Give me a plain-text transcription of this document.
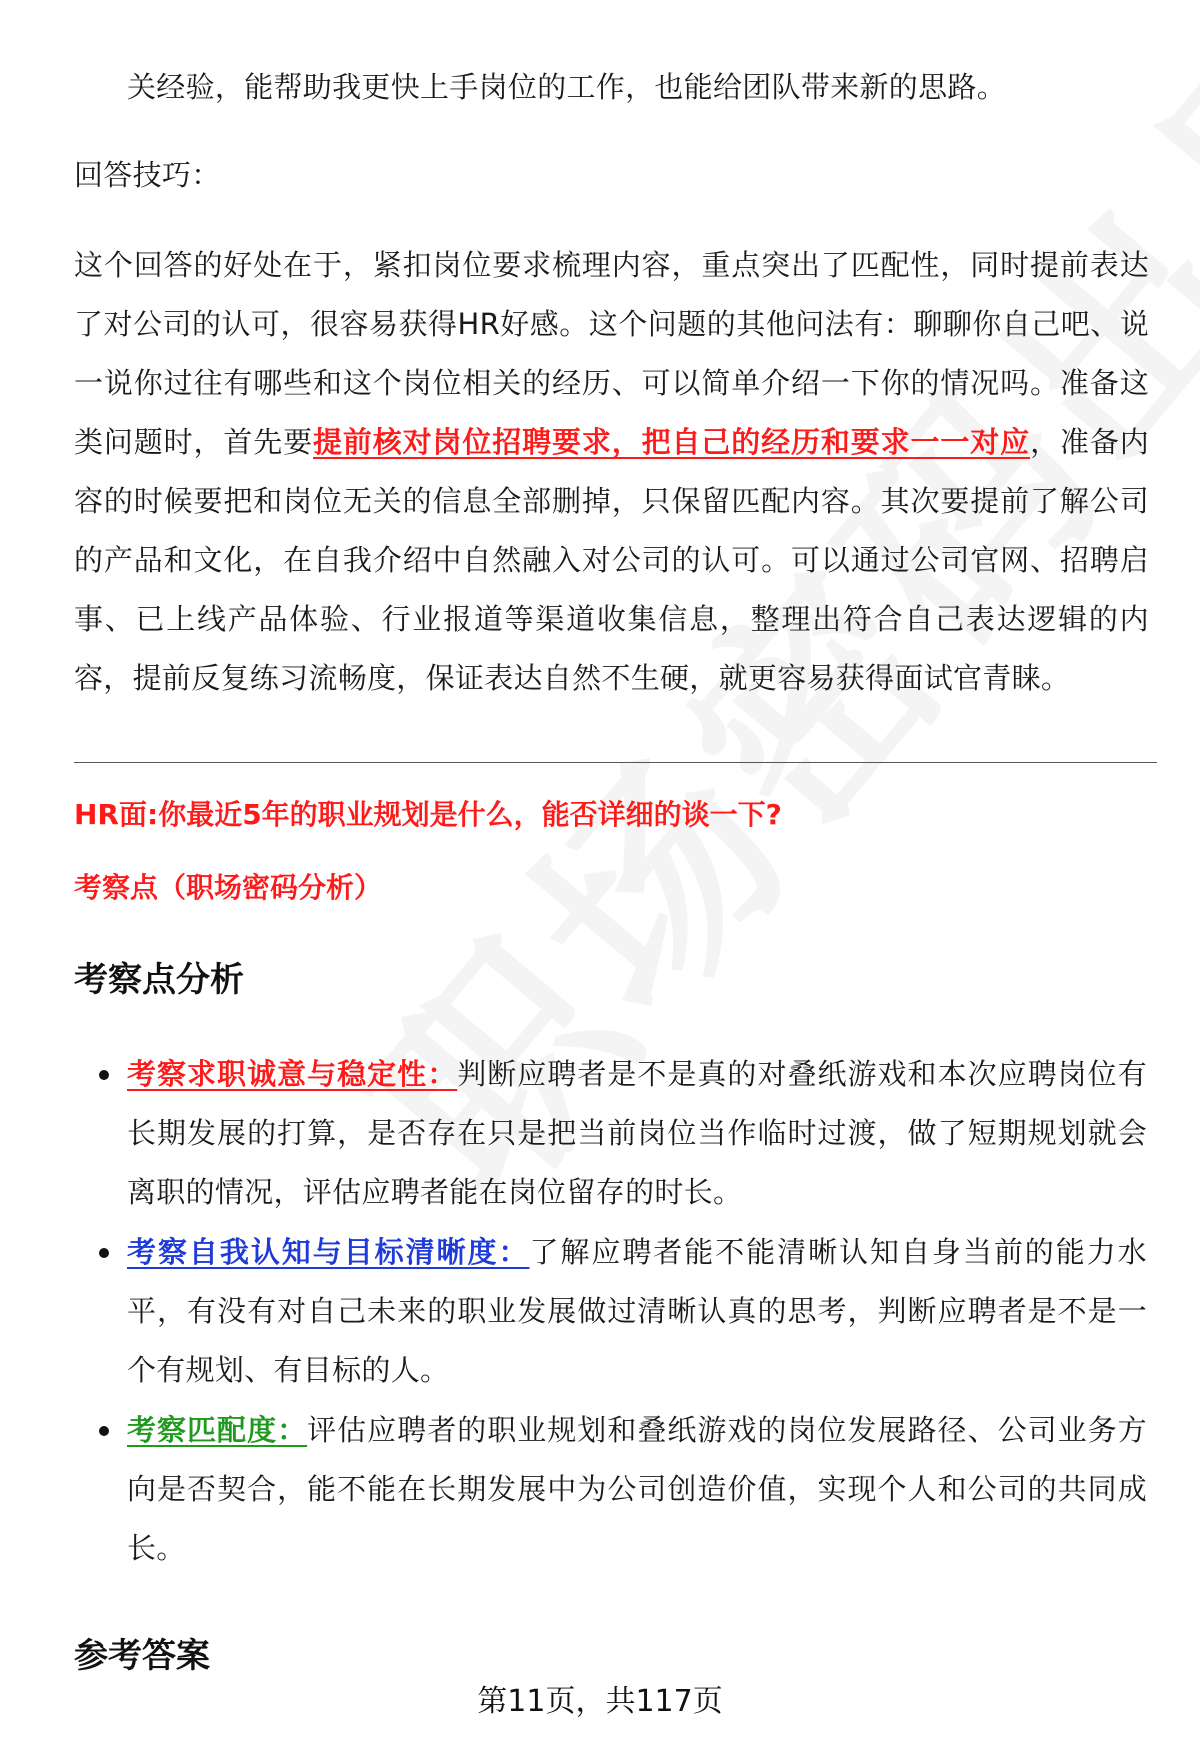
关经验，能帮助我更快上手岗位的工作，也能给团队带来新的思路。

回答技巧：

这个回答的好处在于，紧扣岗位要求梳理内容，重点突出了匹配性，同时提前表达了对公司的认可，很容易获得HR好感。这个问题的其他问法有：聊聊你自己吧、说一说你过往有哪些和这个岗位相关的经历、可以简单介绍一下你的情况吗。准备这类问题时，首先要提前核对岗位招聘要求，把自己的经历和要求一一对应，准备内容的时候要把和岗位无关的信息全部删掉，只保留匹配内容。其次要提前了解公司的产品和文化，在自我介绍中自然融入对公司的认可。可以通过公司官网、招聘启事、已上线产品体验、行业报道等渠道收集信息，整理出符合自己表达逻辑的内容，提前反复练习流畅度，保证表达自然不生硬，就更容易获得面试官青睐。

HR面:你最近5年的职业规划是什么，能否详细的谈一下?

考察点（职场密码分析）

考察点分析

考察求职诚意与稳定性：判断应聘者是不是真的对叠纸游戏和本次应聘岗位有长期发展的打算，是否存在只是把当前岗位当作临时过渡，做了短期规划就会离职的情况，评估应聘者能在岗位留存的时长。
考察自我认知与目标清晰度：了解应聘者能不能清晰认知自身当前的能力水平，有没有对自己未来的职业发展做过清晰认真的思考，判断应聘者是不是一个有规划、有目标的人。
考察匹配度：评估应聘者的职业规划和叠纸游戏的岗位发展路径、公司业务方向是否契合，能不能在长期发展中为公司创造价值，实现个人和公司的共同成长。

参考答案

第11页，共117页
